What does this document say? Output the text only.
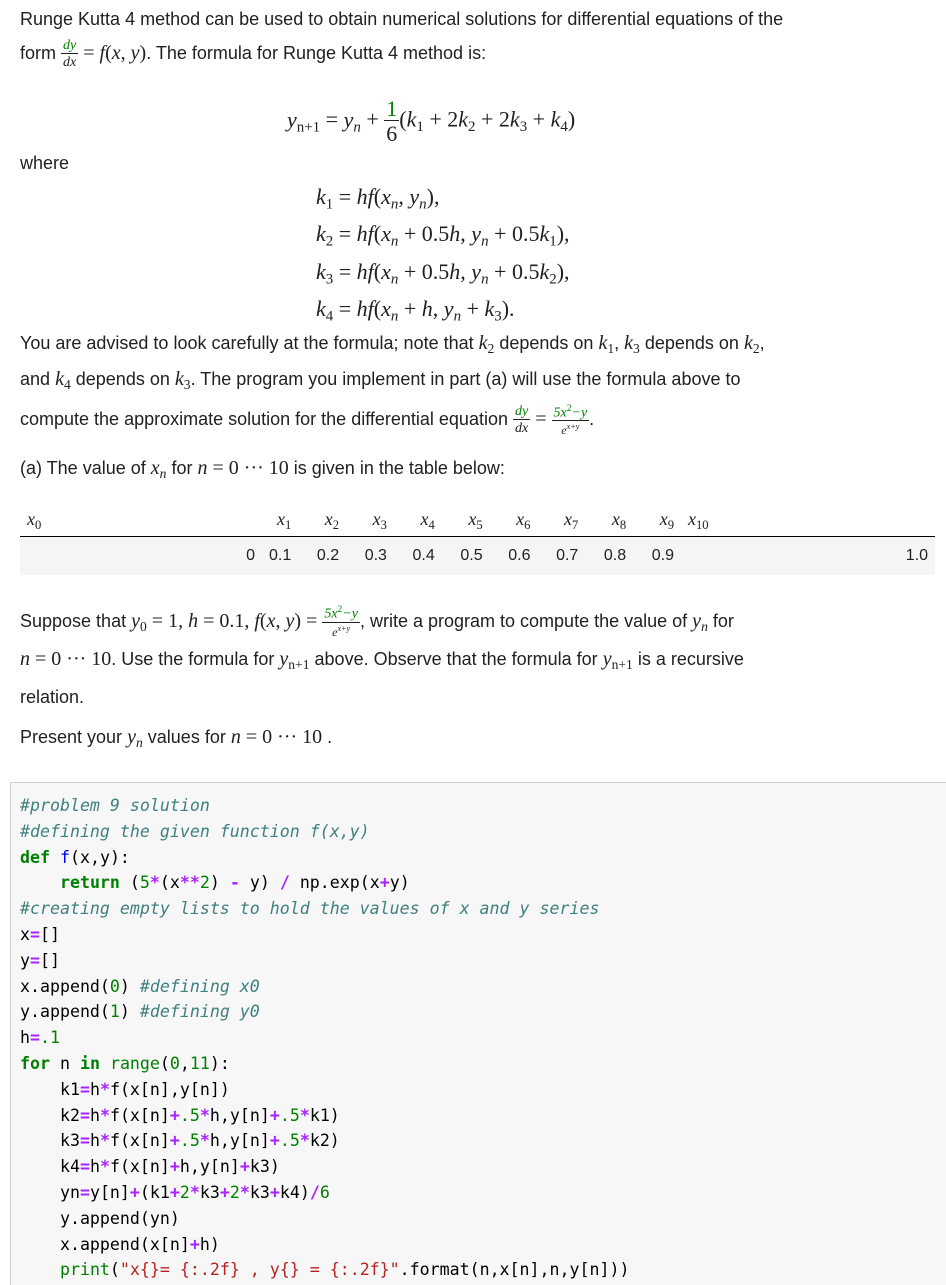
Runge Kutta 4 method can be used to obtain numerical solutions for differential equations of the
form $\frac{dy}{dx} = f(x$, y). The formula for Runge Kutta 4 method is:
$y_{n+1} = y_n + \frac{1}{6} (k_1 + 2k_2 + 2k_3 + k_4)$
where
$k_1 = hf(x_n$, $y_n$),
$k_2 = hf(x_n + 0.5h$, $y_n + 0.5k_1$),
$k_3 = hf(x_n + 0.5h$, $y_n + 0.5k_2$),
$k_4 = hf(x_n + h$, $y_n + k_3$).
You are advised to look carefully at the formula; note that $k_2$ depends on $k_1$, $k_3$ depends on $k_2$,
and $k_4$ depends on $k_3$. The program you implement in part (a) will use the formula above to
compute the approximate solution for the differential equation $\frac{dy}{dx} = \frac{5x^2-y}{e^{x+y}}$ .
(a) The value of $x_n$ for n = 0 ··· 10 is given in the table below:
$x_0$	$x_1$	$x_2$	$x_3$	$x_4$	$x_5$	$x_6$	$x_7$	$x_8$	$x_9$	$x_{10}$
0	0.1	0.2	0.3	0.4	0.5	0.6	0.7	0.8	0.9	1.0
Suppose that $y_0 = 1$, h = 0.1, f(x, $y) = \frac{5x^2-y}{e^{x+y}}$ , write a program to compute the value of $y_n$ for
n = 0 ··· 10. Use the formula for $y_{n+1}$ above. Observe that the formula for $y_{n+1}$ is a recursive
relation.
Present your $y_n$ values for n = 0 ··· 10 .
#problem 9 solution
#defining the given function f(x,y)
def f(x,y):
return (5*(x**2) - y) / np.exp(x+y)
#creating empty lists to hold the values of x and y series
x=[]
y=[]
x.append(0) #defining x0
y.append(1) #defining y0
h=.1
for n in range(0,11):
k1=h*f(x[n],y[n])
k2=h*f(x[n]+.5*h,y[n]+.5*k1)
k3=h*f(x[n]+.5*h,y[n]+.5*k2)
k4=h*f(x[n]+h,y[n]+k3)
yn=y[n]+(k1+2*k3+2*k3+k4)/6
y.append(yn)
x.append(x[n]+h)
print("x{}= {:.2f} , y{} = {:.2f}".format(n,x[n],n,y[n]))
